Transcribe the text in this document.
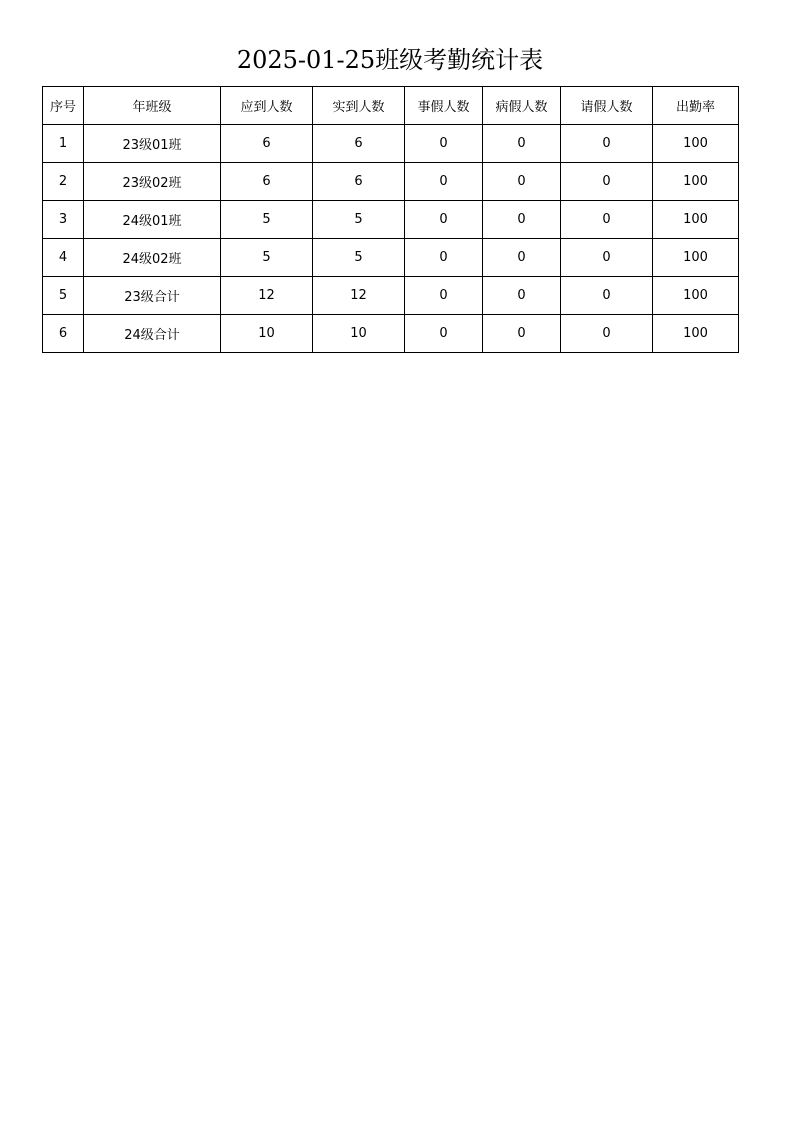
2025-01-25班级考勤统计表
序号	年班级	应到人数	实到人数	事假人数	病假人数	请假人数	出勤率
1	23级01班	6	6	0	0	0	100
2	23级02班	6	6	0	0	0	100
3	24级01班	5	5	0	0	0	100
4	24级02班	5	5	0	0	0	100
5	23级合计	12	12	0	0	0	100
6	24级合计	10	10	0	0	0	100
